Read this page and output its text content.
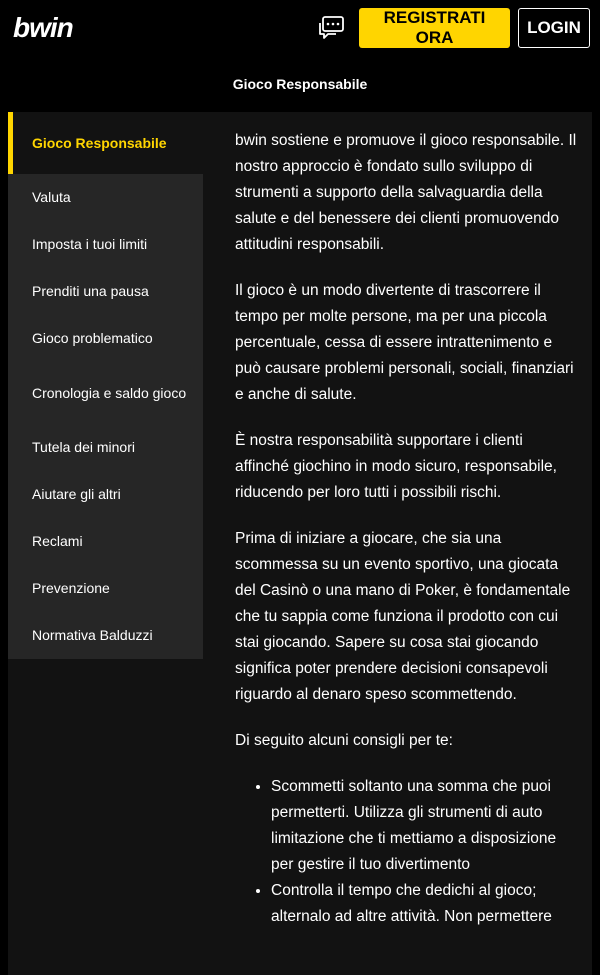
bwin	REGISTRATI ORA
LOGIN
Gioco Responsabile
Gioco Responsabile
Valuta
Imposta i tuoi limiti
Prenditi una pausa
Gioco problematico
Cronologia e saldo gioco
Tutela dei minori
Aiutare gli altri
Reclami
Prevenzione
Normativa Balduzzi

bwin sostiene e promuove il gioco responsabile. Il nostro approccio è fondato sullo sviluppo di strumenti a supporto della salvaguardia della salute e del benessere dei clienti promuovendo attitudini responsabili.

Il gioco è un modo divertente di trascorrere il tempo per molte persone, ma per una piccola percentuale, cessa di essere intrattenimento e può causare problemi personali, sociali, finanziari e anche di salute.

È nostra responsabilità supportare i clienti affinché giochino in modo sicuro, responsabile, riducendo per loro tutti i possibili rischi.

Prima di iniziare a giocare, che sia una scommessa su un evento sportivo, una giocata del Casinò o una mano di Poker, è fondamentale che tu sappia come funziona il prodotto con cui stai giocando. Sapere su cosa stai giocando significa poter prendere decisioni consapevoli riguardo al denaro speso scommettendo.

Di seguito alcuni consigli per te:

• Scommetti soltanto una somma che puoi permetterti. Utilizza gli strumenti di auto limitazione che ti mettiamo a disposizione per gestire il tuo divertimento
• Controlla il tempo che dedichi al gioco; alternalo ad altre attività. Non permettere
